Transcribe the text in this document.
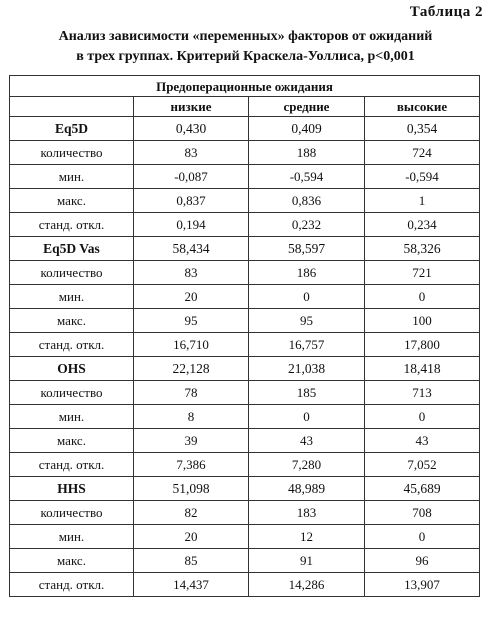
Таблица 2
Анализ зависимости «переменных» факторов от ожиданий
в трех группах. Критерий Краскела-Уоллиса, p<0,001
Предоперационные ожидания			
	низкие	средние	высокие
Eq5D	0,430	0,409	0,354
количество	83	188	724
мин.	-0,087	-0,594	-0,594
макс.	0,837	0,836	1
станд. откл.	0,194	0,232	0,234
Eq5D Vas	58,434	58,597	58,326
количество	83	186	721
мин.	20	0	0
макс.	95	95	100
станд. откл.	16,710	16,757	17,800
OHS	22,128	21,038	18,418
количество	78	185	713
мин.	8	0	0
макс.	39	43	43
станд. откл.	7,386	7,280	7,052
HHS	51,098	48,989	45,689
количество	82	183	708
мин.	20	12	0
макс.	85	91	96
станд. откл.	14,437	14,286	13,907
